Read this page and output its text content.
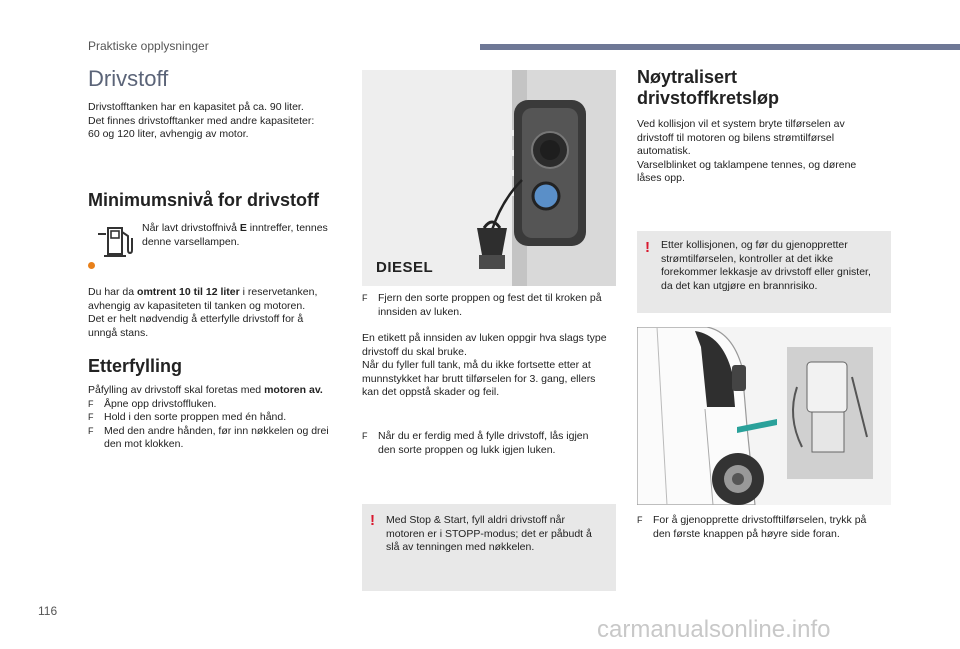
Praktiske opplysninger
116
carmanualsonline.info
Drivstoff

Drivstofftanken har en kapasitet på ca. 90 liter.

Det finnes drivstofftanker med andre kapasiteter:

60 og 120 liter, avhengig av motor.

Minimumsnivå for drivstoff

Når lavt drivstoffnivå E inntreffer, tennes

denne varsellampen.

Du har da omtrent 10 til 12 liter i reservetanken,

avhengig av kapasiteten til tanken og motoren.

Det er helt nødvendig å etterfylle drivstoff for å

unngå stans.

Etterfylling

Påfylling av drivstoff skal foretas med motoren av.

F Åpne opp drivstoffluken.
F Hold i den sorte proppen med én hånd.
F Med den andre hånden, før inn nøkkelen og drei
den mot klokken.
DIESEL
F Fjern den sorte proppen og fest det til kroken på
innsiden av luken.

En etikett på innsiden av luken oppgir hva slags type

drivstoff du skal bruke.

Når du fyller full tank, må du ikke fortsette etter at

munnstykket har brutt tilførselen for 3. gang, ellers

kan det oppstå skader og feil.

F Når du er ferdig med å fylle drivstoff, lås igjen
den sorte proppen og lukk igjen luken.
! Med Stop & Start, fyll aldri drivstoff når

motoren er i STOPP-modus; det er påbudt å

slå av tenningen med nøkkelen.

Nøytralisert
drivstoffkretsløp

Ved kollisjon vil et system bryte tilførselen av

drivstoff til motoren og bilens strømtilførsel

automatisk.

Varselblinket og taklampene tennes, og dørene

låses opp.

! Etter kollisjonen, og før du gjenoppretter

strømtilførselen, kontroller at det ikke

forekommer lekkasje av drivstoff eller gnister,

da det kan utgjøre en brannrisiko.

F For å gjenopprette drivstofftilførselen, trykk på
den første knappen på høyre side foran.
